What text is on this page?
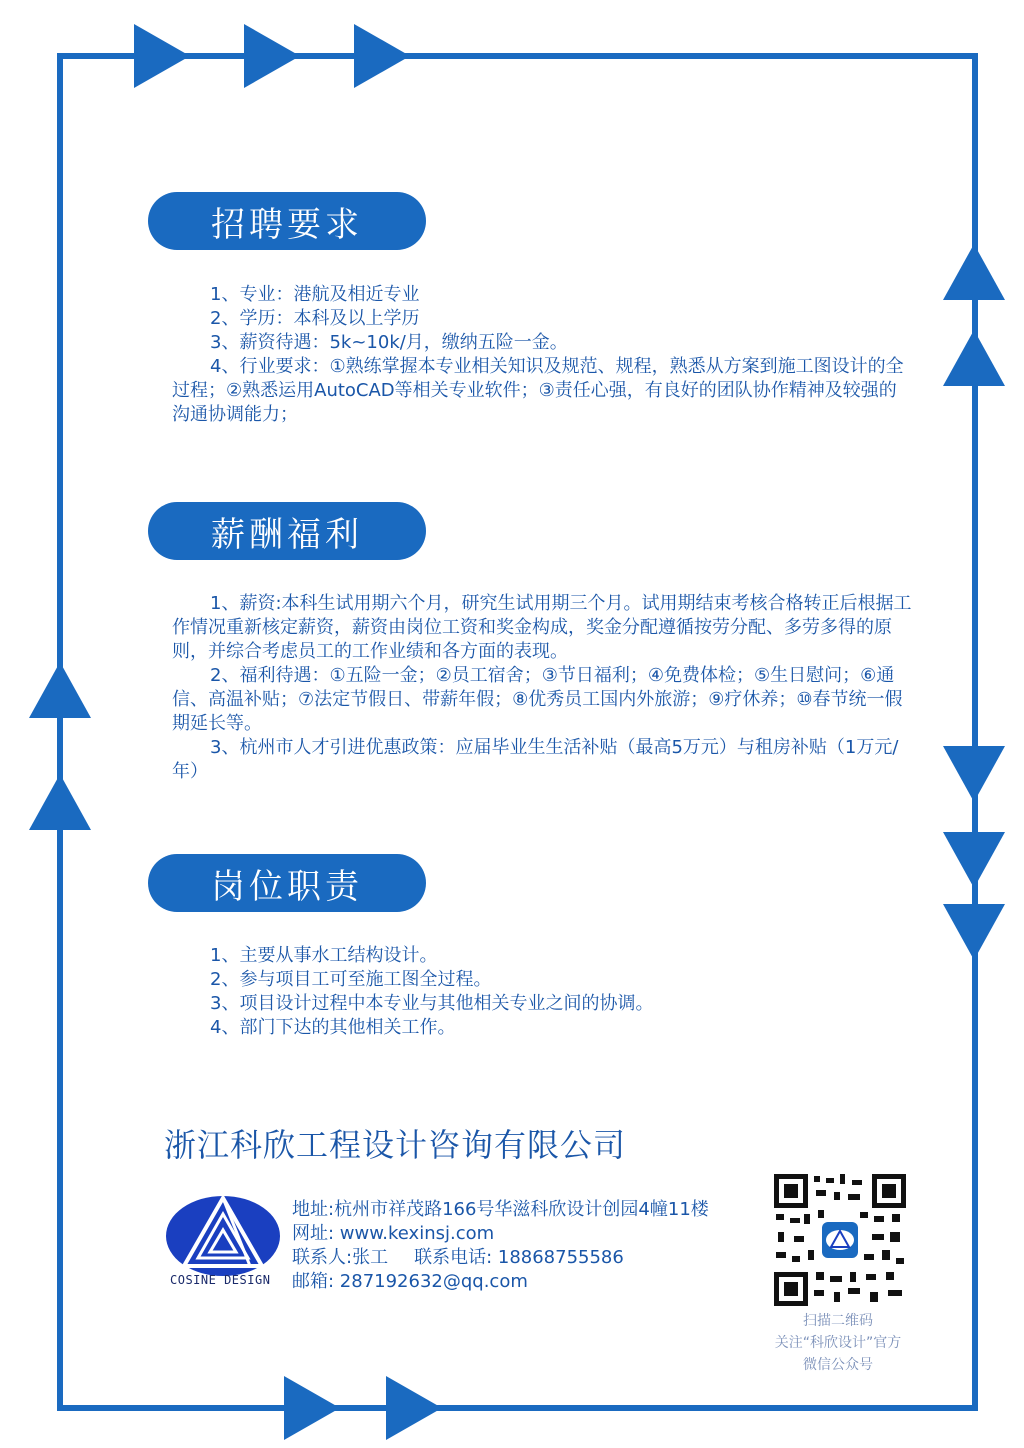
招聘要求

1、专业：港航及相近专业

2、学历：本科及以上学历

3、薪资待遇：5k~10k/月，缴纳五险一金。

4、行业要求：①熟练掌握本专业相关知识及规范、规程，熟悉从方案到施工图设计的全过程；②熟悉运用AutoCAD等相关专业软件；③责任心强，有良好的团队协作精神及较强的沟通协调能力；

薪酬福利

1、薪资:本科生试用期六个月，研究生试用期三个月。试用期结束考核合格转正后根据工作情况重新核定薪资，薪资由岗位工资和奖金构成，奖金分配遵循按劳分配、多劳多得的原则，并综合考虑员工的工作业绩和各方面的表现。

2、福利待遇：①五险一金；②员工宿舍；③节日福利；④免费体检；⑤生日慰问；⑥通信、高温补贴；⑦法定节假日、带薪年假；⑧优秀员工国内外旅游；⑨疗休养；⑩春节统一假期延长等。

3、杭州市人才引进优惠政策：应届毕业生生活补贴（最高5万元）与租房补贴（1万元/年）

岗位职责

1、主要从事水工结构设计。

2、参与项目工可至施工图全过程。

3、项目设计过程中本专业与其他相关专业之间的协调。

4、部门下达的其他相关工作。

浙江科欣工程设计咨询有限公司
COSINE DESIGN
地址:杭州市祥茂路166号华滋科欣设计创园4幢11楼
网址: www.kexinsj.com
联系人:张工 联系电话: 18868755586
邮箱: 287192632@qq.com
扫描二维码
关注“科欣设计”官方
微信公众号
